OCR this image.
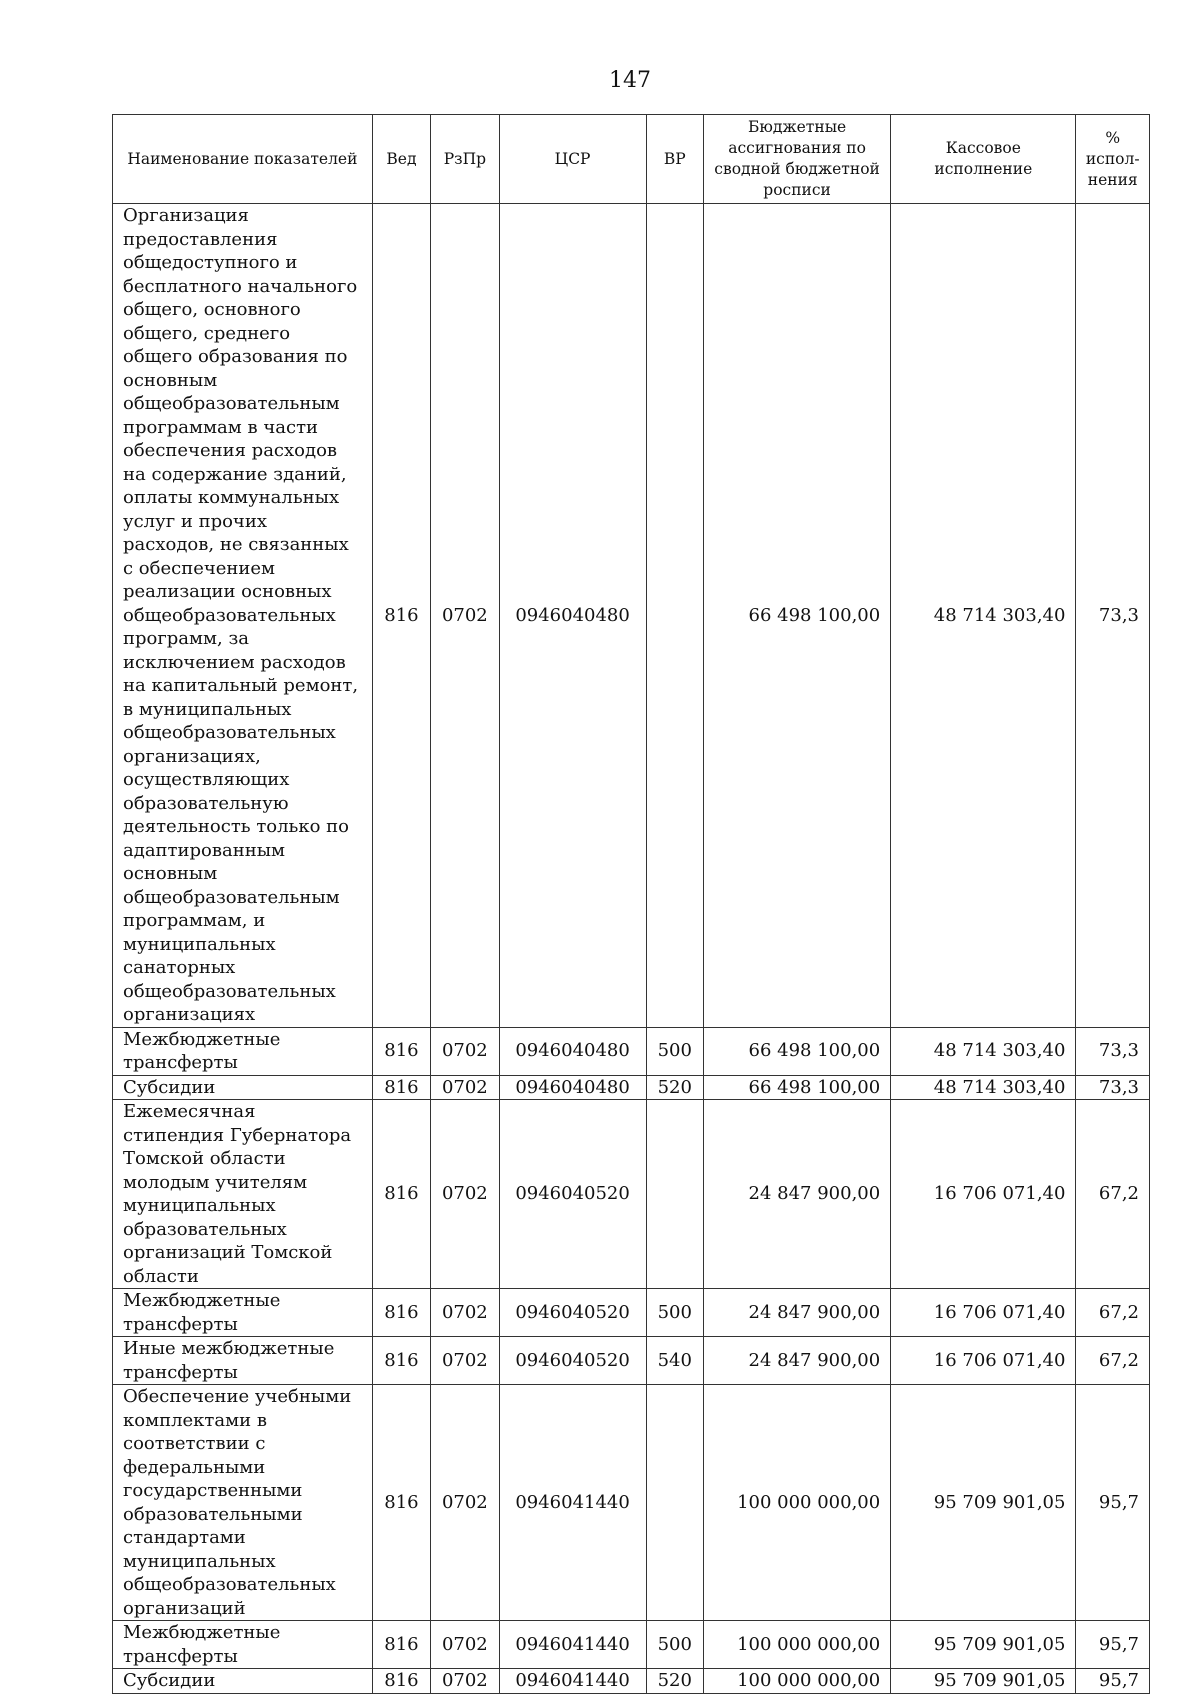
147
Наименование показателей	Вед	РзПр	ЦСР	ВР	Бюджетные ассигнования по сводной бюджетной росписи	Кассовое исполнение	% испол-нения
Организация предоставления общедоступного и бесплатного начального общего, основного общего, среднего общего образования по основным общеобразовательным программам в части обеспечения расходов на содержание зданий, оплаты коммунальных услуг и прочих расходов, не связанных с обеспечением реализации основных общеобразовательных программ, за исключением расходов на капитальный ремонт, в муниципальных общеобразовательных организациях, осуществляющих образовательную деятельность только по адаптированным основным общеобразовательным программам, и муниципальных санаторных общеобразовательных организациях	816	0702	0946040480		66 498 100,00	48 714 303,40	73,3
Межбюджетные трансферты	816	0702	0946040480	500	66 498 100,00	48 714 303,40	73,3
Субсидии	816	0702	0946040480	520	66 498 100,00	48 714 303,40	73,3
Ежемесячная стипендия Губернатора Томской области молодым учителям муниципальных образовательных организаций Томской области	816	0702	0946040520		24 847 900,00	16 706 071,40	67,2
Межбюджетные трансферты	816	0702	0946040520	500	24 847 900,00	16 706 071,40	67,2
Иные межбюджетные трансферты	816	0702	0946040520	540	24 847 900,00	16 706 071,40	67,2
Обеспечение учебными комплектами в соответствии с федеральными государственными образовательными стандартами муниципальных общеобразовательных организаций	816	0702	0946041440		100 000 000,00	95 709 901,05	95,7
Межбюджетные трансферты	816	0702	0946041440	500	100 000 000,00	95 709 901,05	95,7
Субсидии	816	0702	0946041440	520	100 000 000,00	95 709 901,05	95,7
